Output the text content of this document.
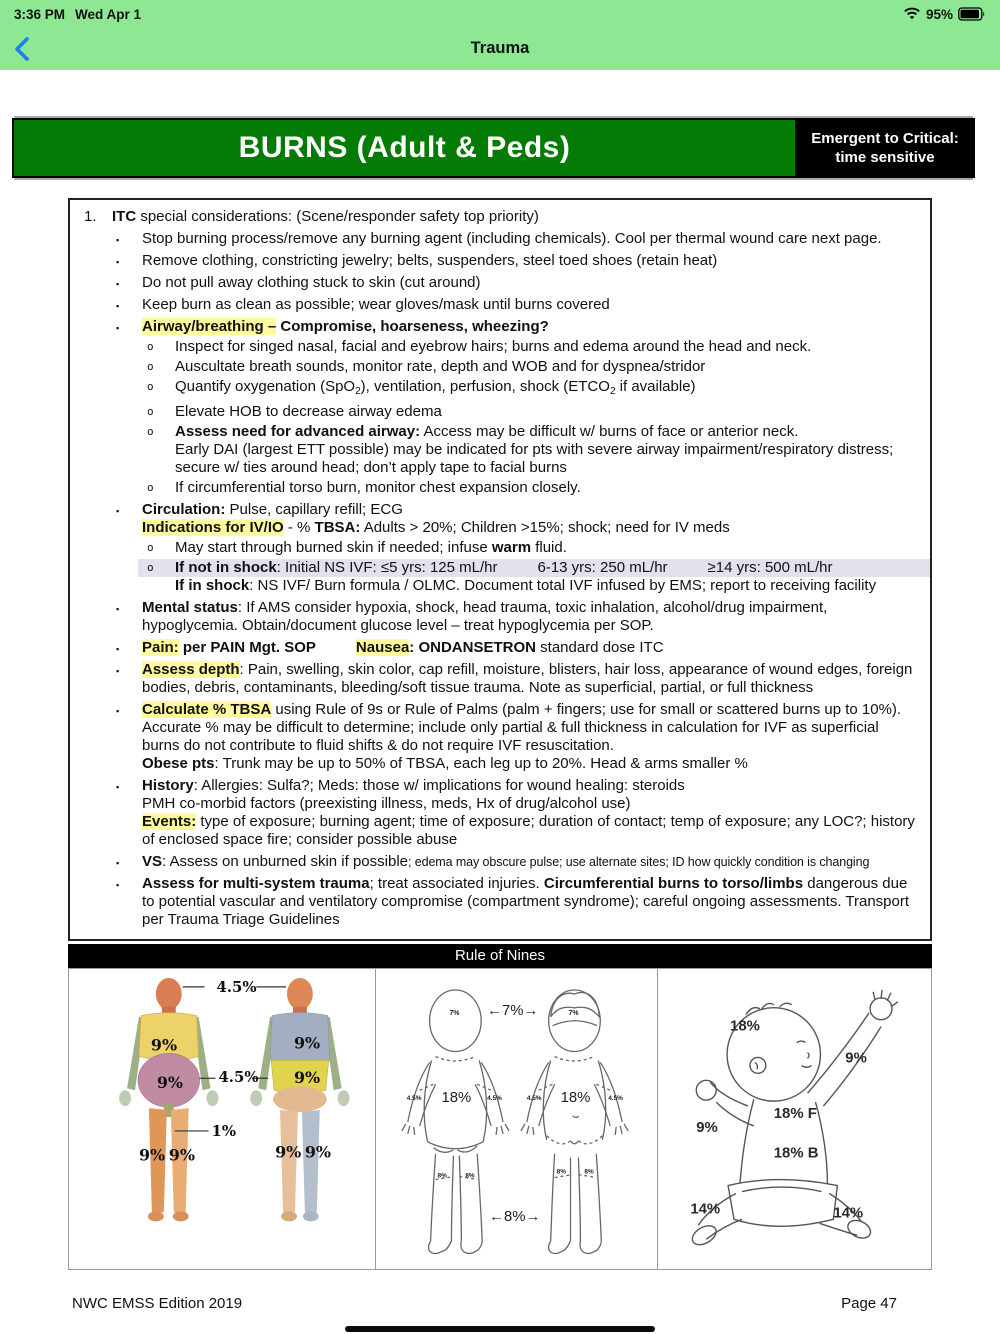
3:36 PM Wed Apr 1	95%
Trauma
BURNS (Adult & Peds)	Emergent to Critical:
time sensitive
1. ITC special considerations: (Scene/responder safety top priority)
▪ Stop burning process/remove any burning agent (including chemicals). Cool per thermal wound care next page.
▪ Remove clothing, constricting jewelry; belts, suspenders, steel toed shoes (retain heat)
▪ Do not pull away clothing stuck to skin (cut around)
▪ Keep burn as clean as possible; wear gloves/mask until burns covered
▪ Airway/breathing – Compromise, hoarseness, wheezing?
o Inspect for singed nasal, facial and eyebrow hairs; burns and edema around the head and neck.
o Auscultate breath sounds, monitor rate, depth and WOB and for dyspnea/stridor
o Quantify oxygenation (SpO$_2$), ventilation, perfusion, shock ($ETCO_2$ if available)
o Elevate HOB to decrease airway edema
o Assess need for advanced airway: Access may be difficult w/ burns of face or anterior neck.
Early DAI (largest ETT possible) may be indicated for pts with severe airway impairment/respiratory distress; secure w/ ties around head; don’t apply tape to facial burns
o If circumferential torso burn, monitor chest expansion closely.
▪ Circulation: Pulse, capillary refill; ECG
Indications for IV/IO - % TBSA: Adults > 20%; Children >15%; shock; need for IV meds
o May start through burned skin if needed; infuse warm fluid.
o If not in shock: Initial NS IVF: ≤5 yrs: 125 mL/hr	6-13 yrs: 250 mL/hr	≥14 yrs: 500 mL/hr
If in shock: NS IVF/ Burn formula / OLMC. Document total IVF infused by EMS; report to receiving facility
▪ Mental status: If AMS consider hypoxia, shock, head trauma, toxic inhalation, alcohol/drug impairment, hypoglycemia. Obtain/document glucose level – treat hypoglycemia per SOP.
▪ Pain: per PAIN Mgt. SOP	Nausea: ONDANSETRON standard dose ITC
▪ Assess depth: Pain, swelling, skin color, cap refill, moisture, blisters, hair loss, appearance of wound edges, foreign bodies, debris, contaminants, bleeding/soft tissue trauma. Note as superficial, partial, or full thickness
▪ Calculate % TBSA using Rule of 9s or Rule of Palms (palm + fingers; use for small or scattered burns up to 10%). Accurate % may be difficult to determine; include only partial & full thickness in calculation for IVF as superficial burns do not contribute to fluid shifts & do not require IVF resuscitation.
Obese pts: Trunk may be up to 50% of TBSA, each leg up to 20%. Head & arms smaller %
▪ History: Allergies: Sulfa?; Meds: those w/ implications for wound healing: steroids
PMH co-morbid factors (preexisting illness, meds, Hx of drug/alcohol use)
Events: type of exposure; burning agent; time of exposure; duration of contact; temp of exposure; any LOC?; history of enclosed space fire; consider possible abuse
▪ VS: Assess on unburned skin if possible; edema may obscure pulse; use alternate sites; ID how quickly condition is changing
▪ Assess for multi-system trauma; treat associated injuries. Circumferential burns to torso/limbs dangerous due to potential vascular and ventilatory compromise (compartment syndrome); careful ongoing assessments. Transport per Trauma Triage Guidelines
Rule of Nines
4.5%
9%
9% 4.5%
1%
9% 9%
9%
9%
9% 9%
7%	7%
←7%→
18%	18%
4.5%	4.5%	4.5%	4.5%
8%	8%
8%	8%
←8%→
18%
9%
9%
18% F
18% B
14%	14%
NWC EMSS Edition 2019	Page 47
